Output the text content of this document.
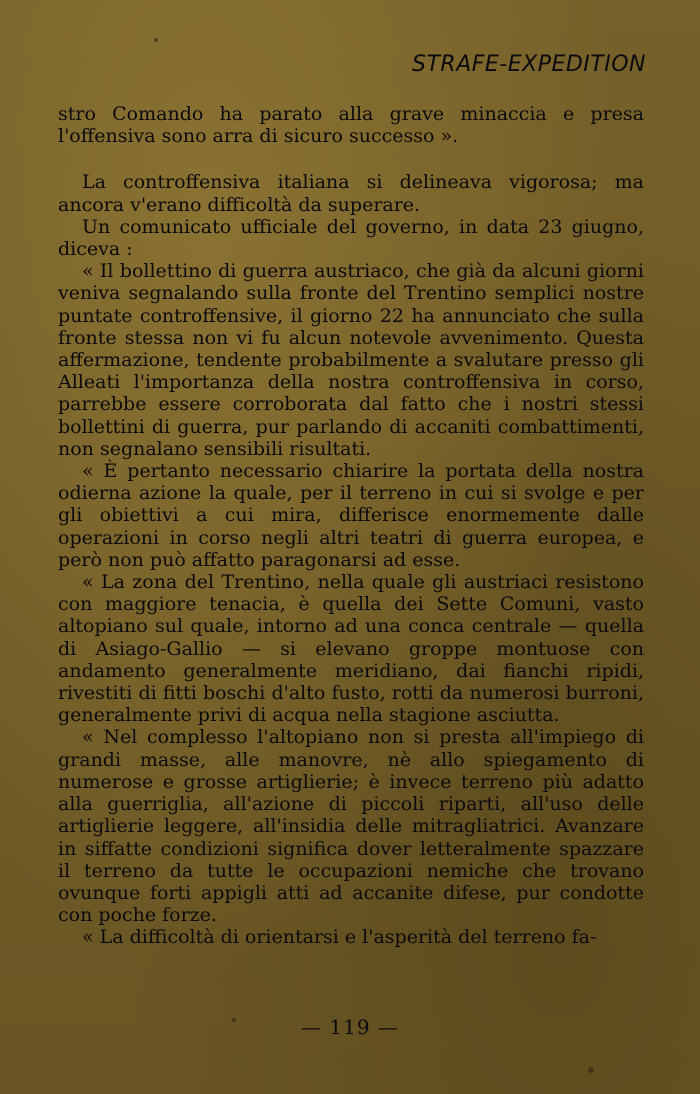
STRAFE-EXPEDITION

stro Comando ha parato alla grave minaccia e presa l'offensiva sono arra di sicuro successo ».

La controffensiva italiana si delineava vigorosa; ma ancora v'erano difficoltà da superare.

Un comunicato ufficiale del governo, in data 23 giugno, diceva :

« Il bollettino di guerra austriaco, che già da alcuni giorni veniva segnalando sulla fronte del Trentino semplici nostre puntate controffensive, il giorno 22 ha annunciato che sulla fronte stessa non vi fu alcun notevole avvenimento. Questa affermazione, tendente probabilmente a svalutare presso gli Alleati l'importanza della nostra controffensiva in corso, parrebbe essere corroborata dal fatto che i nostri stessi bollettini di guerra, pur parlando di accaniti combattimenti, non segnalano sensibili risultati.

« È pertanto necessario chiarire la portata della nostra odierna azione la quale, per il terreno in cui si svolge e per gli obiettivi a cui mira, differisce enormemente dalle operazioni in corso negli altri teatri di guerra europea, e però non può affatto paragonarsi ad esse.

« La zona del Trentino, nella quale gli austriaci resistono con maggiore tenacia, è quella dei Sette Comuni, vasto altopiano sul quale, intorno ad una conca centrale — quella di Asiago-Gallio — si elevano groppe montuose con andamento generalmente meridiano, dai fianchi ripidi, rivestiti di fitti boschi d'alto fusto, rotti da numerosi burroni, generalmente privi di acqua nella stagione asciutta.

« Nel complesso l'altopiano non si presta all'impiego di grandi masse, alle manovre, nè allo spiegamento di numerose e grosse artiglierie; è invece terreno più adatto alla guerriglia, all'azione di piccoli riparti, all'uso delle artiglierie leggere, all'insidia delle mitragliatrici. Avanzare in siffatte condizioni significa dover letteralmente spazzare il terreno da tutte le occupazioni nemiche che trovano ovunque forti appigli atti ad accanite difese, pur condotte con poche forze.

« La difficoltà di orientarsi e l'asperità del terreno fa-

— 119 —
